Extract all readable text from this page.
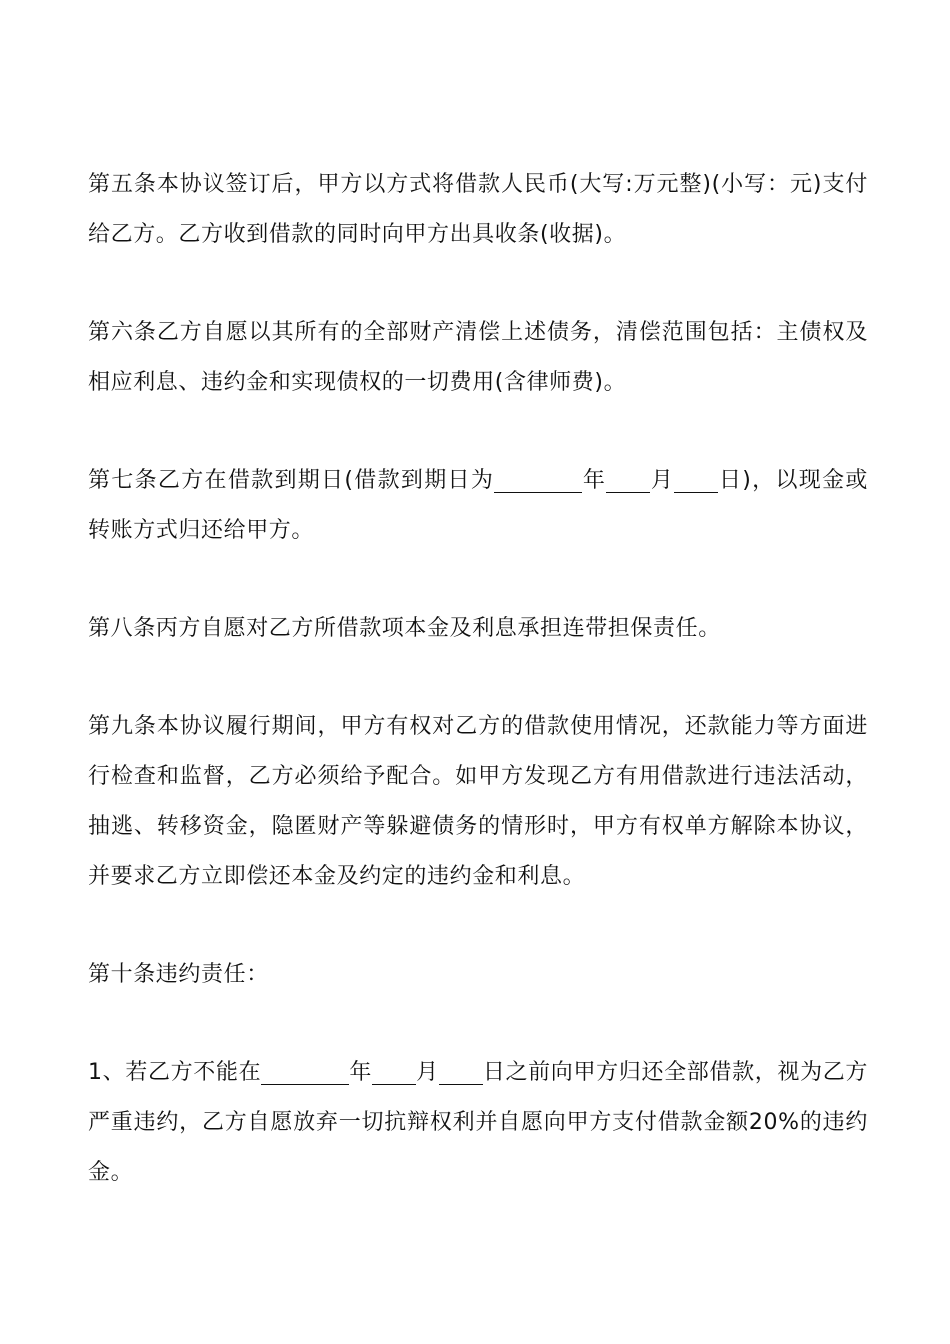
第五条本协议签订后，甲方以方式将借款人民币(大写:万元整)(小写：元)支付给乙方。乙方收到借款的同时向甲方出具收条(收据)。

第六条乙方自愿以其所有的全部财产清偿上述债务，清偿范围包括：主债权及相应利息、违约金和实现债权的一切费用(含律师费)。

第七条乙方在借款到期日(借款到期日为	年 月 日)，以现金或转账方式归还给甲方。

第八条丙方自愿对乙方所借款项本金及利息承担连带担保责任。

第九条本协议履行期间，甲方有权对乙方的借款使用情况，还款能力等方面进行检查和监督，乙方必须给予配合。如甲方发现乙方有用借款进行违法活动，抽逃、转移资金，隐匿财产等躲避债务的情形时，甲方有权单方解除本协议，并要求乙方立即偿还本金及约定的违约金和利息。

第十条违约责任：

1、若乙方不能在	年 月 日之前向甲方归还全部借款，视为乙方严重违约，乙方自愿放弃一切抗辩权利并自愿向甲方支付借款金额20%的违约金。
